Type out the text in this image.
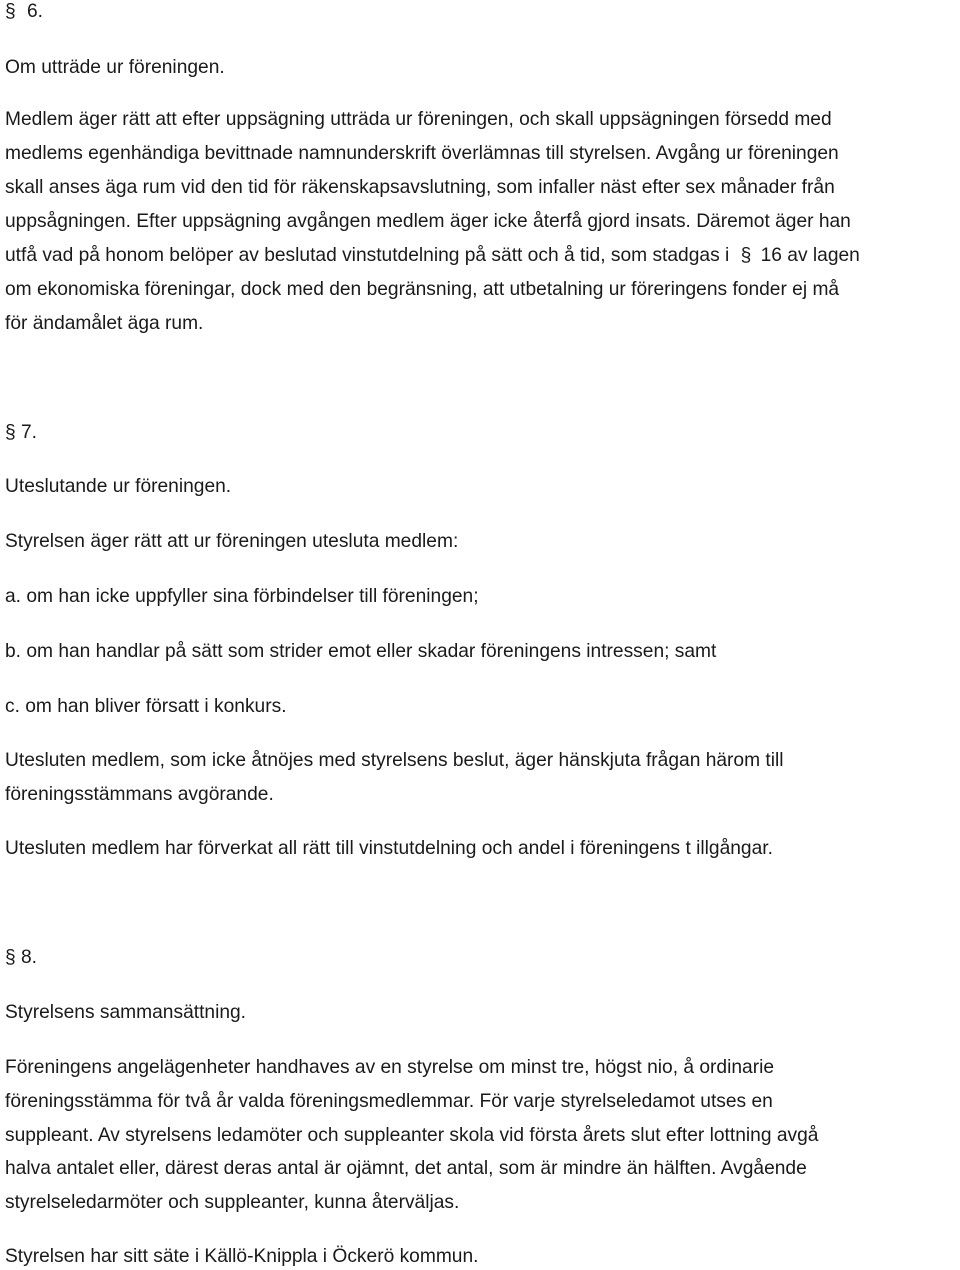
§ 6.

Om utträde ur föreningen.

Medlem äger rätt att efter uppsägning utträda ur föreningen, och skall uppsägningen försedd med

medlems egenhändiga bevittnade namnunderskrift överlämnas till styrelsen. Avgång ur föreningen

skall anses äga rum vid den tid för räkenskapsavslutning, som infaller näst efter sex månader från

uppsågningen. Efter uppsägning avgången medlem äger icke återfå gjord insats. Däremot äger han

utfå vad på honom belöper av beslutad vinstutdelning på sätt och å tid, som stadgas i § 16 av lagen

om ekonomiska föreningar, dock med den begränsning, att utbetalning ur föreringens fonder ej må

för ändamålet äga rum.

§ 7.

Uteslutande ur föreningen.

Styrelsen äger rätt att ur föreningen utesluta medlem:

a. om han icke uppfyller sina förbindelser till föreningen;

b. om han handlar på sätt som strider emot eller skadar föreningens intressen; samt

c. om han bliver försatt i konkurs.

Utesluten medlem, som icke åtnöjes med styrelsens beslut, äger hänskjuta frågan härom till

föreningsstämmans avgörande.

Utesluten medlem har förverkat all rätt till vinstutdelning och andel i föreningens t illgångar.

§ 8.

Styrelsens sammansättning.

Föreningens angelägenheter handhaves av en styrelse om minst tre, högst nio, å ordinarie

föreningsstämma för två år valda föreningsmedlemmar. För varje styrelseledamot utses en

suppleant. Av styrelsens ledamöter och suppleanter skola vid första årets slut efter lottning avgå

halva antalet eller, därest deras antal är ojämnt, det antal, som är mindre än hälften. Avgående

styrelseledarmöter och suppleanter, kunna återväljas.

Styrelsen har sitt säte i Källö-Knippla i Öckerö kommun.
